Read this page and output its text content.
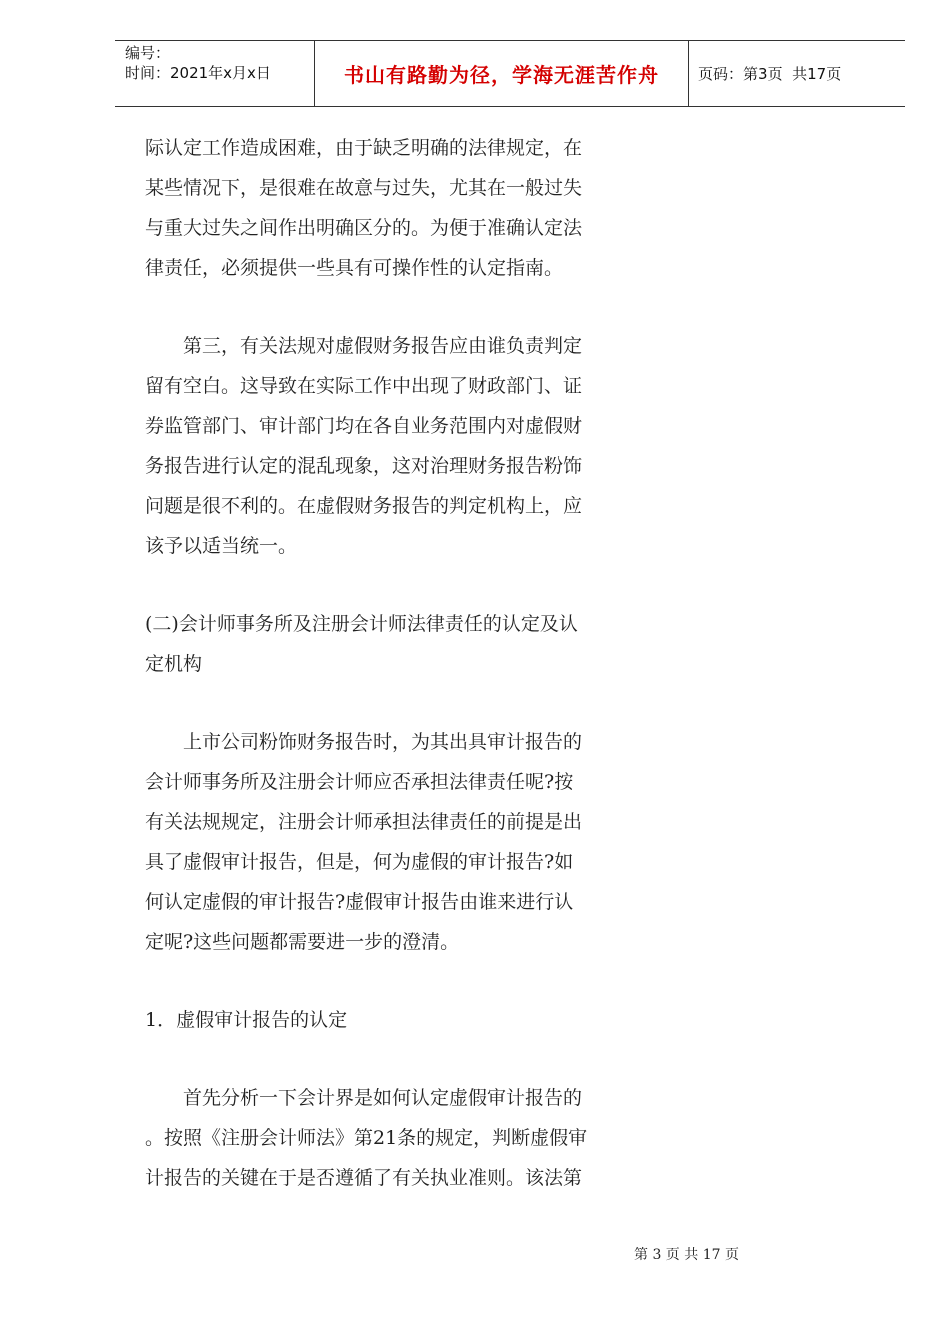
编号：
时间：2021年x月x日	书山有路勤为径，学海无涯苦作舟	页码：第 3 页  共 17 页
际认定工作造成困难，由于缺乏明确的法律规定，在
某些情况下，是很难在故意与过失，尤其在一般过失
与重大过失之间作出明确区分的。为便于准确认定法
律责任，必须提供一些具有可操作性的认定指南。
　　第三，有关法规对虚假财务报告应由谁负责判定
留有空白。这导致在实际工作中出现了财政部门、证
券监管部门、审计部门均在各自业务范围内对虚假财
务报告进行认定的混乱现象，这对治理财务报告粉饰
问题是很不利的。在虚假财务报告的判定机构上，应
该予以适当统一。
(二)会计师事务所及注册会计师法律责任的认定及认
定机构
　　上市公司粉饰财务报告时，为其出具审计报告的
会计师事务所及注册会计师应否承担法律责任呢?按
有关法规规定，注册会计师承担法律责任的前提是出
具了虚假审计报告，但是，何为虚假的审计报告?如
何认定虚假的审计报告?虚假审计报告由谁来进行认
定呢?这些问题都需要进一步的澄清。
1．虚假审计报告的认定
　　首先分析一下会计界是如何认定虚假审计报告的
。按照《注册会计师法》第21条的规定，判断虚假审
计报告的关键在于是否遵循了有关执业准则。该法第
第 3 页 共 17 页
